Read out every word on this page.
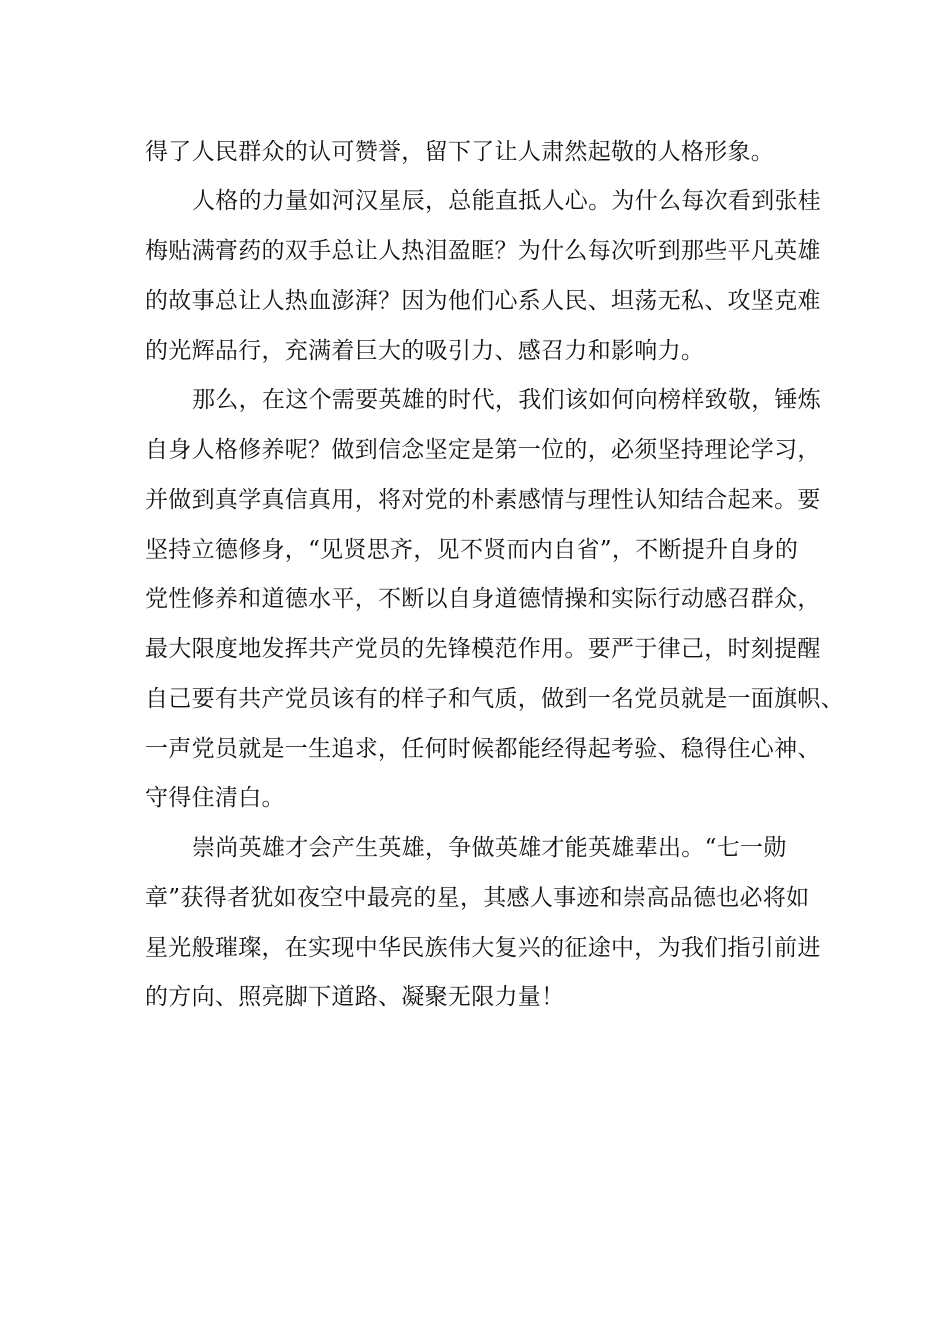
得了人民群众的认可赞誉，留下了让人肃然起敬的人格形象。
人格的力量如河汉星辰，总能直抵人心。为什么每次看到张桂
梅贴满膏药的双手总让人热泪盈眶？为什么每次听到那些平凡英雄
的故事总让人热血澎湃？因为他们心系人民、坦荡无私、攻坚克难
的光辉品行，充满着巨大的吸引力、感召力和影响力。
那么，在这个需要英雄的时代，我们该如何向榜样致敬，锤炼
自身人格修养呢？做到信念坚定是第一位的，必须坚持理论学习，
并做到真学真信真用，将对党的朴素感情与理性认知结合起来。要
坚持立德修身，“见贤思齐，见不贤而内自省”，不断提升自身的
党性修养和道德水平，不断以自身道德情操和实际行动感召群众，
最大限度地发挥共产党员的先锋模范作用。要严于律己，时刻提醒
自己要有共产党员该有的样子和气质，做到一名党员就是一面旗帜、
一声党员就是一生追求，任何时候都能经得起考验、稳得住心神、
守得住清白。
崇尚英雄才会产生英雄，争做英雄才能英雄辈出。“七一勋
章”获得者犹如夜空中最亮的星，其感人事迹和崇高品德也必将如
星光般璀璨，在实现中华民族伟大复兴的征途中，为我们指引前进
的方向、照亮脚下道路、凝聚无限力量！
